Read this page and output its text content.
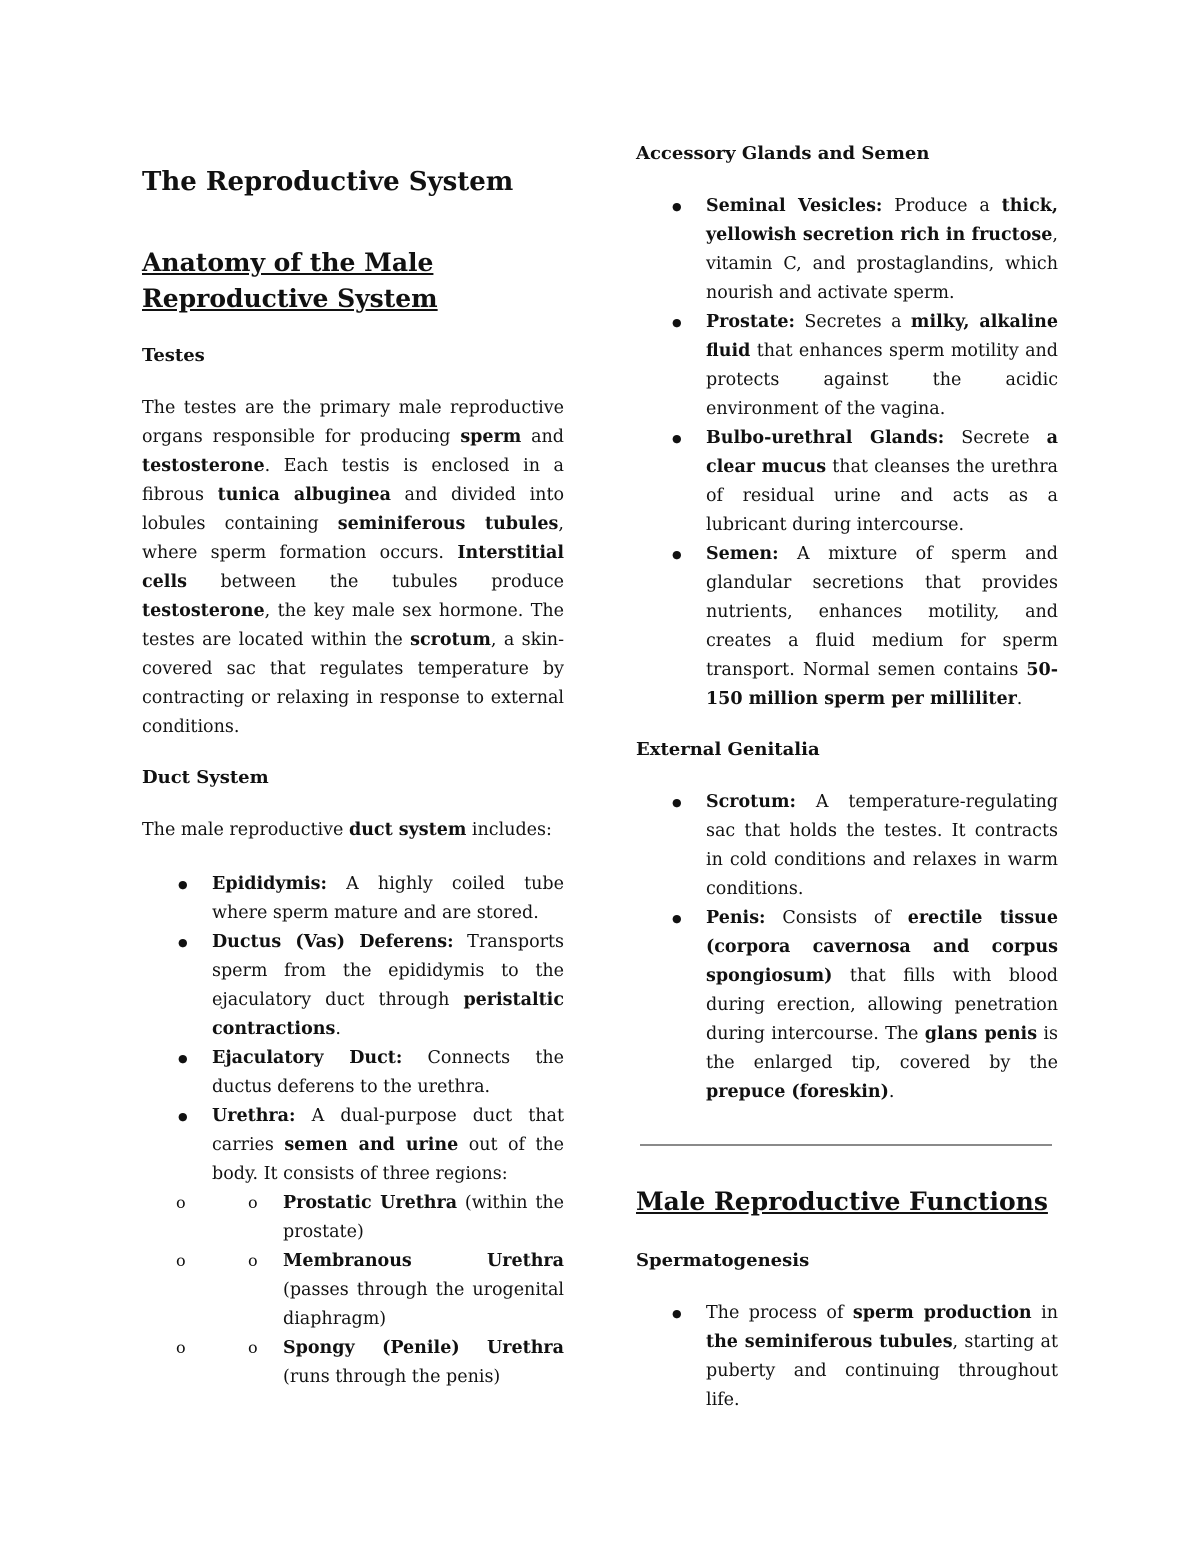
The Reproductive System
Anatomy of the Male Reproductive System
Testes

The testes are the primary male reproductive organs responsible for producing sperm and testosterone. Each testis is enclosed in a fibrous tunica albuginea and divided into lobules containing seminiferous tubules, where sperm formation occurs. Interstitial cells between the tubules produce testosterone, the key male sex hormone. The testes are located within the scrotum, a skin-covered sac that regulates temperature by contracting or relaxing in response to external conditions.

Duct System

The male reproductive duct system includes:

● Epididymis: A highly coiled tube where sperm mature and are stored.
● Ductus (Vas) Deferens: Transports sperm from the epididymis to the ejaculatory duct through peristaltic contractions.
● Ejaculatory Duct: Connects the ductus deferens to the urethra.
● Urethra: A dual-purpose duct that carries semen and urine out of the body. It consists of three regions:
o o Prostatic Urethra (within the prostate)
o o Membranous Urethra (passes through the urogenital diaphragm)
o o Spongy (Penile) Urethra (runs through the penis)
Accessory Glands and Semen
● Seminal Vesicles: Produce a thick, yellowish secretion rich in fructose, vitamin C, and prostaglandins, which nourish and activate sperm.
● Prostate: Secretes a milky, alkaline fluid that enhances sperm motility and protects against the acidic environment of the vagina.
● Bulbo-urethral Glands: Secrete a clear mucus that cleanses the urethra of residual urine and acts as a lubricant during intercourse.
● Semen: A mixture of sperm and glandular secretions that provides nutrients, enhances motility, and creates a fluid medium for sperm transport. Normal semen contains 50-150 million sperm per milliliter.
External Genitalia
● Scrotum: A temperature-regulating sac that holds the testes. It contracts in cold conditions and relaxes in warm conditions.
● Penis: Consists of erectile tissue (corpora cavernosa and corpus spongiosum) that fills with blood during erection, allowing penetration during intercourse. The glans penis is the enlarged tip, covered by the prepuce (foreskin).
Male Reproductive Functions
Spermatogenesis
● The process of sperm production in the seminiferous tubules, starting at puberty and continuing throughout life.
